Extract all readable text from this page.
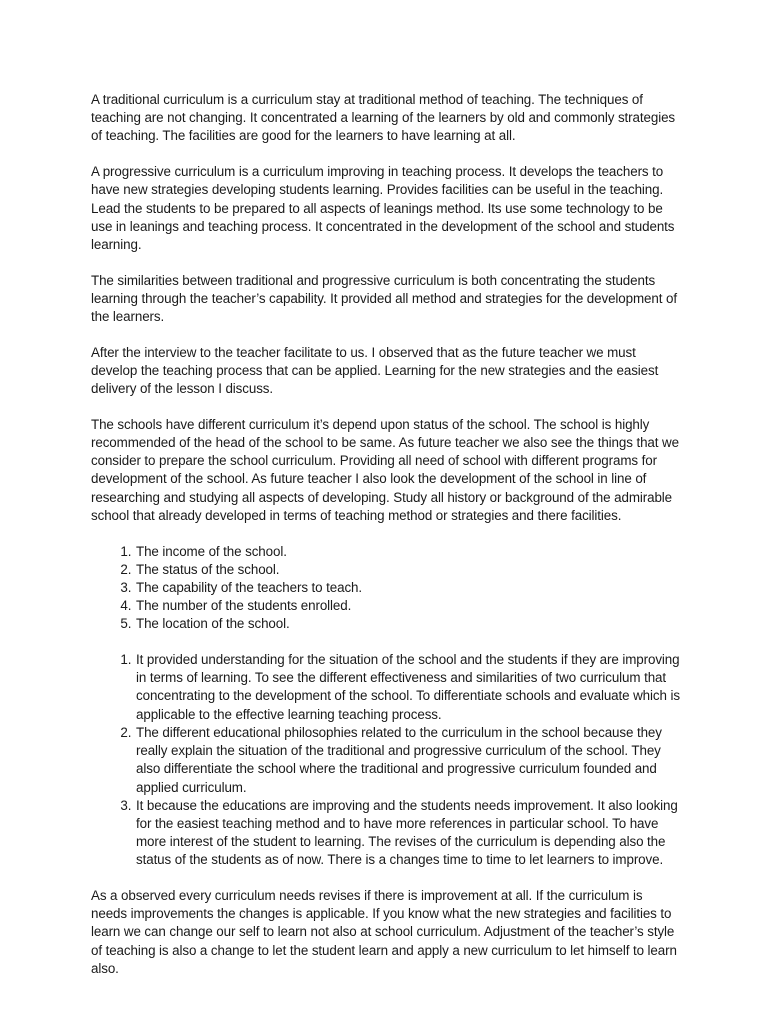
A traditional curriculum is a curriculum stay at traditional method of teaching. The techniques of teaching are not changing. It concentrated a learning of the learners by old and commonly strategies of teaching. The facilities are good for the learners to have learning at all.

A progressive curriculum is a curriculum improving in teaching process. It develops the teachers to have new strategies developing students learning. Provides facilities can be useful in the teaching. Lead the students to be prepared to all aspects of leanings method. Its use some technology to be use in leanings and teaching process. It concentrated in the development of the school and students learning.

The similarities between traditional and progressive curriculum is both concentrating the students learning through the teacher’s capability. It provided all method and strategies for the development of the learners.

After the interview to the teacher facilitate to us. I observed that as the future teacher we must develop the teaching process that can be applied. Learning for the new strategies and the easiest delivery of the lesson I discuss.

The schools have different curriculum it’s depend upon status of the school. The school is highly recommended of the head of the school to be same. As future teacher we also see the things that we consider to prepare the school curriculum. Providing all need of school with different programs for development of the school. As future teacher I also look the development of the school in line of researching and studying all aspects of developing. Study all history or background of the admirable school that already developed in terms of teaching method or strategies and there facilities.

1. The income of the school.
2. The status of the school.
3. The capability of the teachers to teach.
4. The number of the students enrolled.
5. The location of the school.
1. It provided understanding for the situation of the school and the students if they are improving in terms of learning. To see the different effectiveness and similarities of two curriculum that concentrating to the development of the school. To differentiate schools and evaluate which is applicable to the effective learning teaching process.
2. The different educational philosophies related to the curriculum in the school because they really explain the situation of the traditional and progressive curriculum of the school. They also differentiate the school where the traditional and progressive curriculum founded and applied curriculum.
3. It because the educations are improving and the students needs improvement. It also looking for the easiest teaching method and to have more references in particular school. To have more interest of the student to learning. The revises of the curriculum is depending also the status of the students as of now. There is a changes time to time to let learners to improve.

As a observed every curriculum needs revises if there is improvement at all. If the curriculum is needs improvements the changes is applicable. If you know what the new strategies and facilities to learn we can change our self to learn not also at school curriculum. Adjustment of the teacher’s style of teaching is also a change to let the student learn and apply a new curriculum to let himself to learn also.
